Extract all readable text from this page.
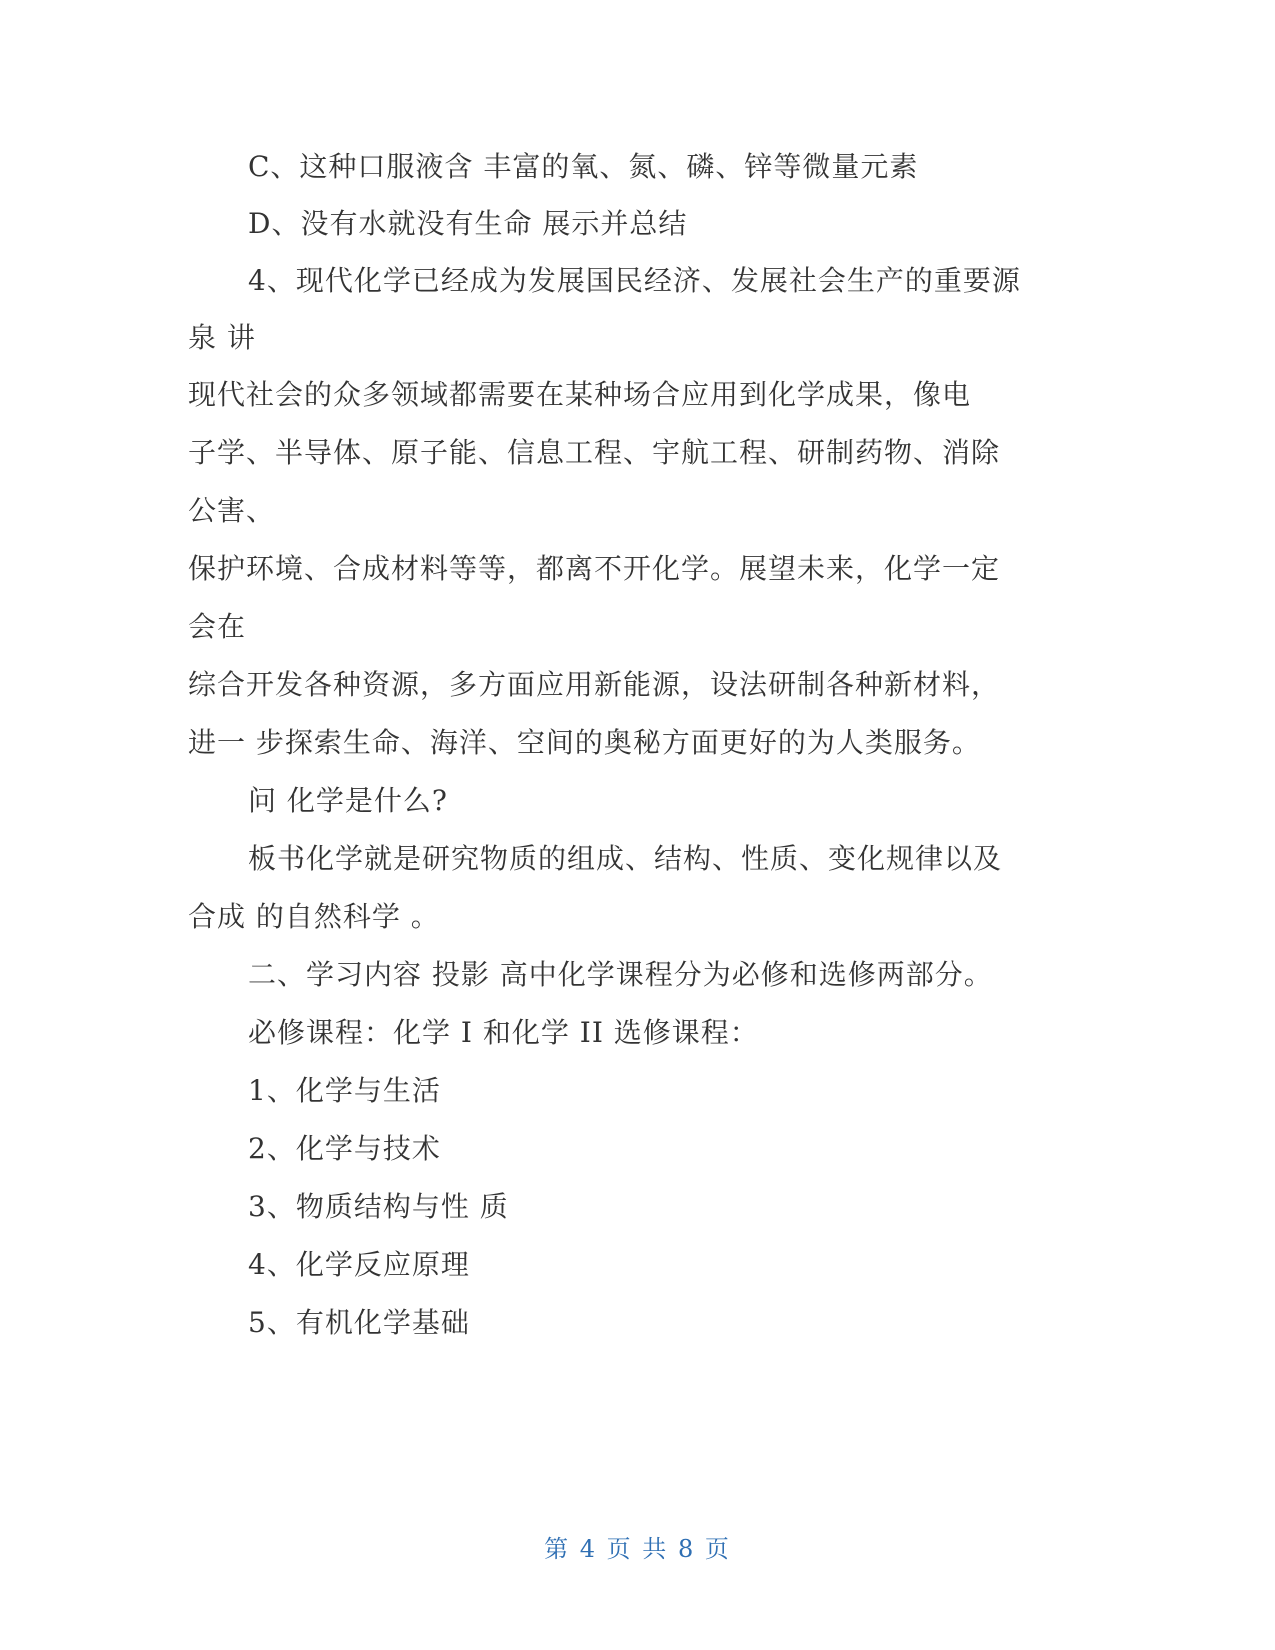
C、这种口服液含 丰富的氧、氮、磷、锌等微量元素
D、没有水就没有生命 展示并总结
4、现代化学已经成为发展国民经济、发展社会生产的重要源
泉 讲
现代社会的众多领域都需要在某种场合应用到化学成果，像电
子学、半导体、原子能、信息工程、宇航工程、研制药物、消除
公害、
保护环境、合成材料等等，都离不开化学。展望未来，化学一定
会在
综合开发各种资源，多方面应用新能源，设法研制各种新材料，
进一 步探索生命、海洋、空间的奥秘方面更好的为人类服务。
问 化学是什么?
板书化学就是研究物质的组成、结构、性质、变化规律以及
合成 的自然科学 。
二、学习内容 投影 高中化学课程分为必修和选修两部分。
必修课程：化学 I 和化学 II 选修课程：
1、化学与生活
2、化学与技术
3、物质结构与性 质
4、化学反应原理
5、有机化学基础
第 4 页 共 8 页
